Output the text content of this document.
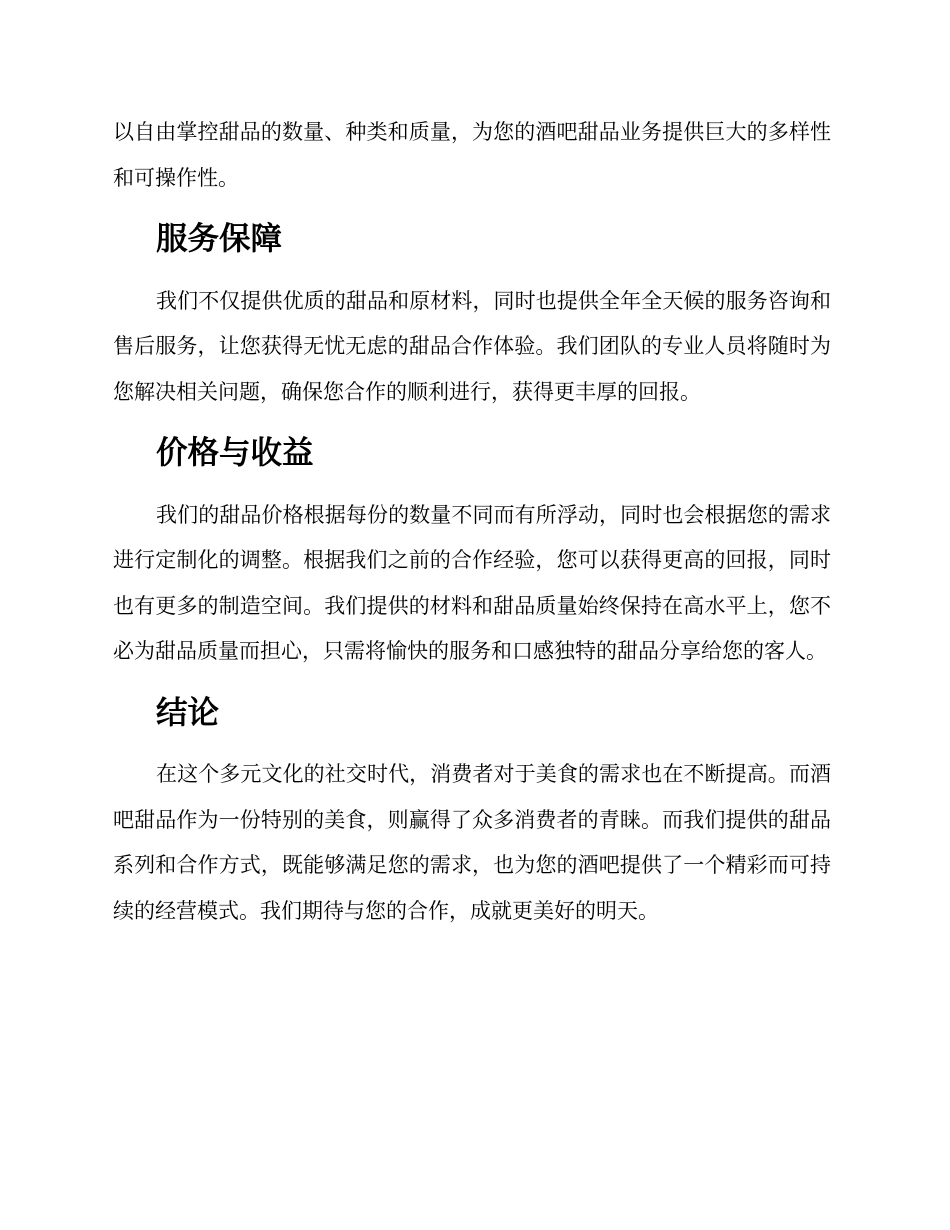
以自由掌控甜品的数量、种类和质量，为您的酒吧甜品业务提供巨大的多样性和可操作性。

服务保障

我们不仅提供优质的甜品和原材料，同时也提供全年全天候的服务咨询和售后服务，让您获得无忧无虑的甜品合作体验。我们团队的专业人员将随时为您解决相关问题，确保您合作的顺利进行，获得更丰厚的回报。

价格与收益

我们的甜品价格根据每份的数量不同而有所浮动，同时也会根据您的需求进行定制化的调整。根据我们之前的合作经验，您可以获得更高的回报，同时也有更多的制造空间。我们提供的材料和甜品质量始终保持在高水平上，您不必为甜品质量而担心，只需将愉快的服务和口感独特的甜品分享给您的客人。

结论

在这个多元文化的社交时代，消费者对于美食的需求也在不断提高。而酒吧甜品作为一份特别的美食，则赢得了众多消费者的青睐。而我们提供的甜品系列和合作方式，既能够满足您的需求，也为您的酒吧提供了一个精彩而可持续的经营模式。我们期待与您的合作，成就更美好的明天。
